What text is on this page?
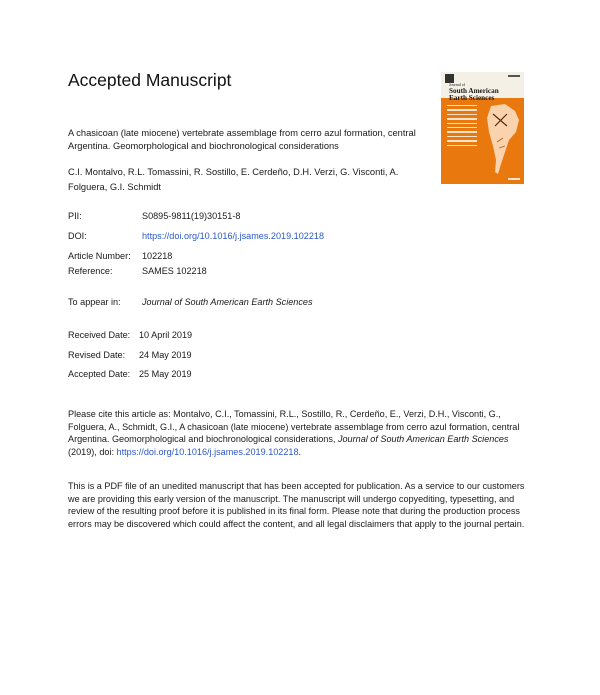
Accepted Manuscript	Journal of
South American
Earth Sciences
A chasicoan (late miocene) vertebrate assemblage from cerro azul formation, central Argentina. Geomorphological and biochronological considerations
C.I. Montalvo, R.L. Tomassini, R. Sostillo, E. Cerdeño, D.H. Verzi, G. Visconti, A. Folguera, G.I. Schmidt
PII:	S0895-9811(19)30151-8
DOI:	https://doi.org/10.1016/j.jsames.2019.102218
Article Number: 102218
Reference:	SAMES 102218
To appear in: Journal of South American Earth Sciences
Received Date: 10 April 2019
Revised Date: 24 May 2019
Accepted Date: 25 May 2019
Please cite this article as: Montalvo, C.I., Tomassini, R.L., Sostillo, R., Cerdeño, E., Verzi, D.H., Visconti, G., Folguera, A., Schmidt, G.I., A chasicoan (late miocene) vertebrate assemblage from cerro azul formation, central Argentina. Geomorphological and biochronological considerations, Journal of South American Earth Sciences (2019), doi: https://doi.org/10.1016/j.jsames.2019.102218.
This is a PDF file of an unedited manuscript that has been accepted for publication. As a service to our customers we are providing this early version of the manuscript. The manuscript will undergo copyediting, typesetting, and review of the resulting proof before it is published in its final form. Please note that during the production process errors may be discovered which could affect the content, and all legal disclaimers that apply to the journal pertain.
